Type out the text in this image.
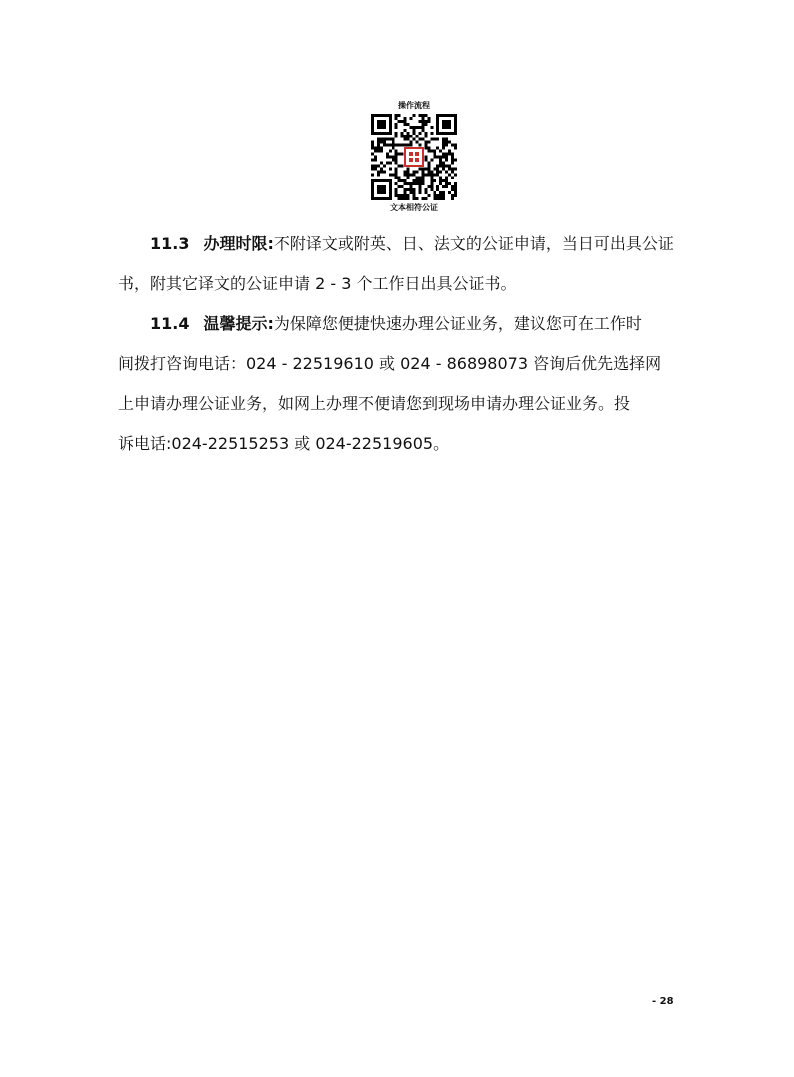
操作流程
文本相符公证

11.3 办理时限:不附译文或附英、日、法文的公证申请，当日可出具公证

书，附其它译文的公证申请 2 - 3 个工作日出具公证书。

11.4 温馨提示:为保障您便捷快速办理公证业务，建议您可在工作时

间拨打咨询电话：024 - 22519610 或 024 - 86898073 咨询后优先选择网

上申请办理公证业务，如网上办理不便请您到现场申请办理公证业务。投

诉电话:024-22515253 或 024-22519605。

- 28
